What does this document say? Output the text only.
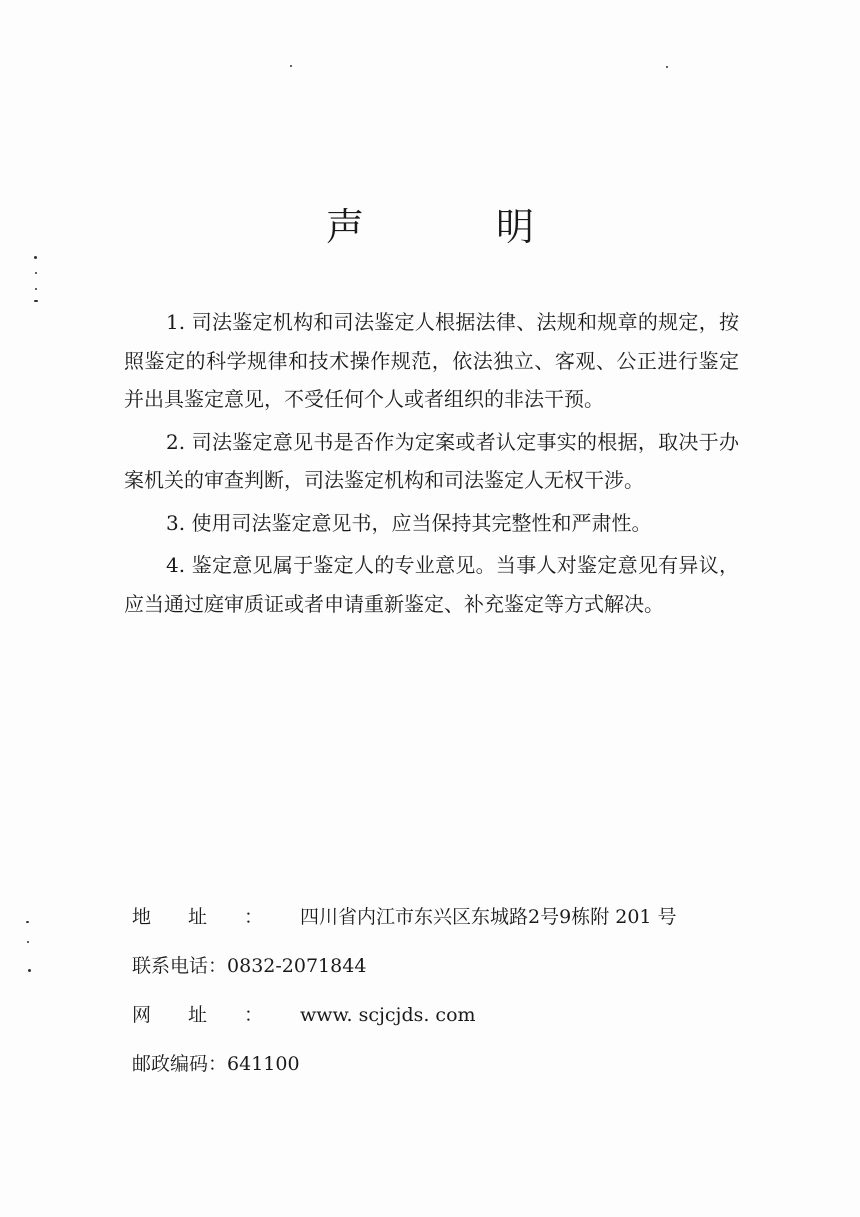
声 明

1. 司法鉴定机构和司法鉴定人根据法律、法规和规章的规定，按照鉴定的科学规律和技术操作规范，依法独立、客观、公正进行鉴定并出具鉴定意见，不受任何个人或者组织的非法干预。

2. 司法鉴定意见书是否作为定案或者认定事实的根据，取决于办案机关的审查判断，司法鉴定机构和司法鉴定人无权干涉。

3. 使用司法鉴定意见书，应当保持其完整性和严肃性。

4. 鉴定意见属于鉴定人的专业意见。当事人对鉴定意见有异议，应当通过庭审质证或者申请重新鉴定、补充鉴定等方式解决。

地址： 四川省内江市东兴区东城路2号9栋附 201 号
联系电话： 0832-2071844
网址： www. scjcjds. com
邮政编码： 641100
